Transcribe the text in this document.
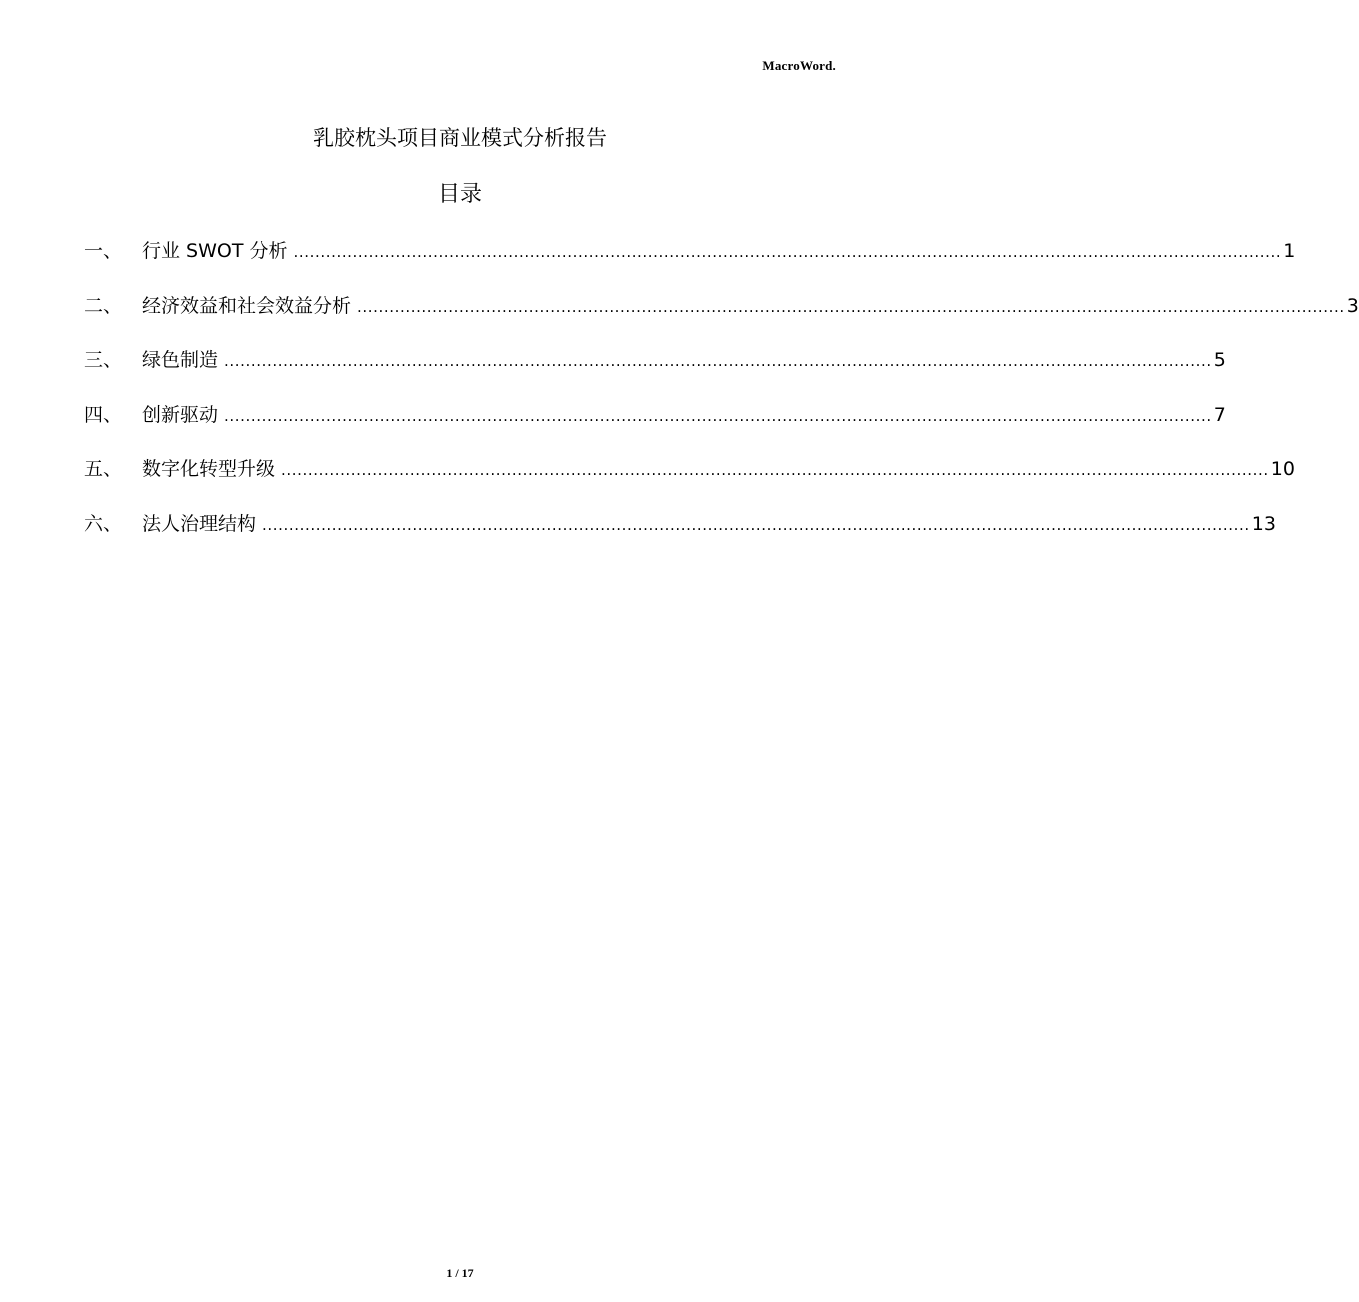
MacroWord.
乳胶枕头项目商业模式分析报告
目录
一、	行业 SWOT 分析 ........................................................................................................................................................................................ 1
二、	经济效益和社会效益分析 ........................................................................................................................................................................................ 3
三、	绿色制造 ........................................................................................................................................................................................ 5
四、	创新驱动 ........................................................................................................................................................................................ 7
五、	数字化转型升级 ........................................................................................................................................................................................ 10
六、	法人治理结构 ........................................................................................................................................................................................ 13
1 / 17
